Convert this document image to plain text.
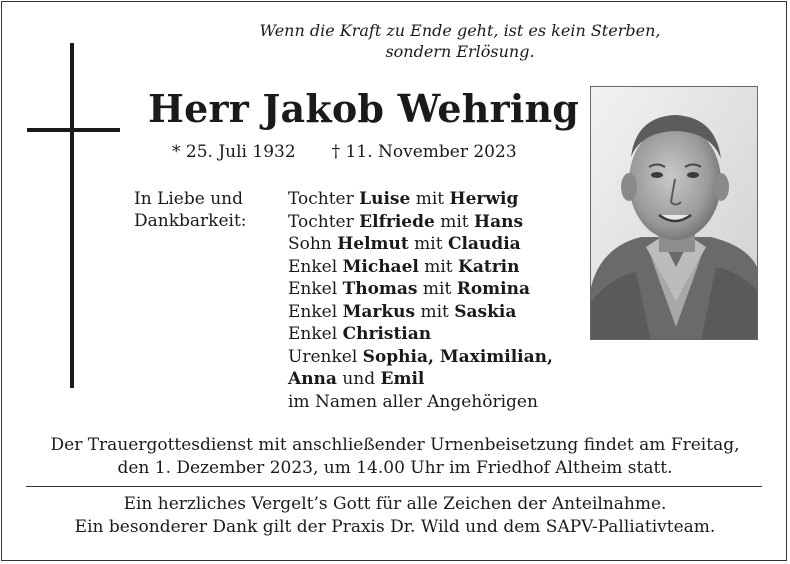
Wenn die Kraft zu Ende geht, ist es kein Sterben,
sondern Erlösung.
Herr Jakob Wehring
* 25. Juli 1932 † 11. November 2023
In Liebe und
Dankbarkeit:
Tochter Luise mit Herwig
Tochter Elfriede mit Hans
Sohn Helmut mit Claudia
Enkel Michael mit Katrin
Enkel Thomas mit Romina
Enkel Markus mit Saskia
Enkel Christian
Urenkel Sophia, Maximilian,
Anna und Emil
im Namen aller Angehörigen
Der Trauergottesdienst mit anschließender Urnenbeisetzung findet am Freitag,
den 1. Dezember 2023, um 14.00 Uhr im Friedhof Altheim statt.
Ein herzliches Vergelt’s Gott für alle Zeichen der Anteilnahme.
Ein besonderer Dank gilt der Praxis Dr. Wild und dem SAPV-Palliativteam.
